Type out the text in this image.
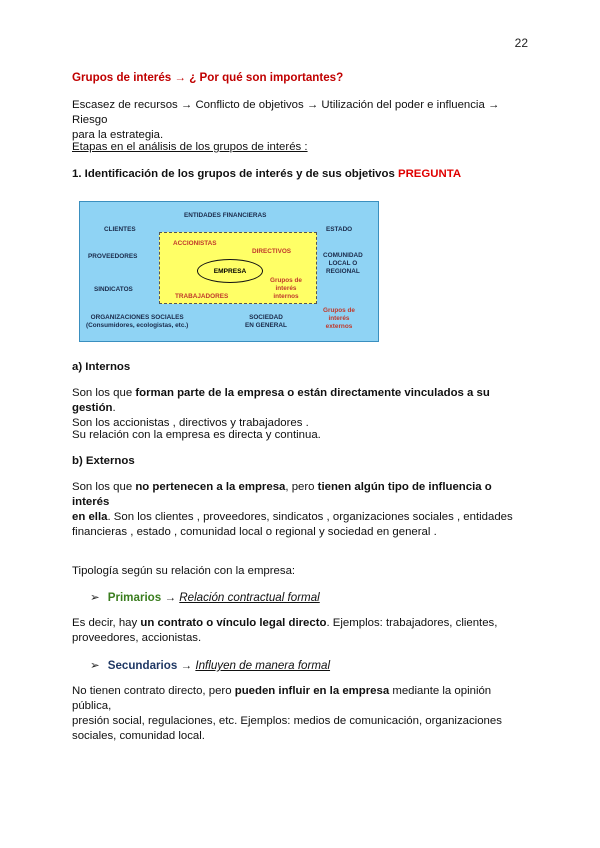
22
Grupos de interés → ¿ Por qué son importantes?
Escasez de recursos → Conflicto de objetivos → Utilización del poder e influencia → Riesgo
para la estrategia.
Etapas en el análisis de los grupos de interés :
1. Identificación de los grupos de interés y de sus objetivos PREGUNTA
ENTIDADES FINANCIERAS
CLIENTES	ESTADO
ACCIONISTAS
DIRECTIVOS
PROVEEDORES	COMUNIDAD
LOCAL O
REGIONAL
EMPRESA
Grupos de
interés
internos
SINDICATOS
TRABAJADORES
Grupos de
interés
externos
ORGANIZACIONES SOCIALES
(Consumidores, ecologistas, etc.)
SOCIEDAD
EN GENERAL
a) Internos
Son los que forman parte de la empresa o están directamente vinculados a su gestión.
Son los accionistas , directivos y trabajadores .
Su relación con la empresa es directa y continua.
b) Externos
Son los que no pertenecen a la empresa, pero tienen algún tipo de influencia o interés
en ella. Son los clientes , proveedores, sindicatos , organizaciones sociales , entidades
financieras , estado , comunidad local o regional y sociedad en general .
Tipología según su relación con la empresa:
➢ Primarios → Relación contractual formal
Es decir, hay un contrato o vínculo legal directo. Ejemplos: trabajadores, clientes,
proveedores, accionistas.
➢ Secundarios → Influyen de manera formal
No tienen contrato directo, pero pueden influir en la empresa mediante la opinión pública,
presión social, regulaciones, etc. Ejemplos: medios de comunicación, organizaciones
sociales, comunidad local.
